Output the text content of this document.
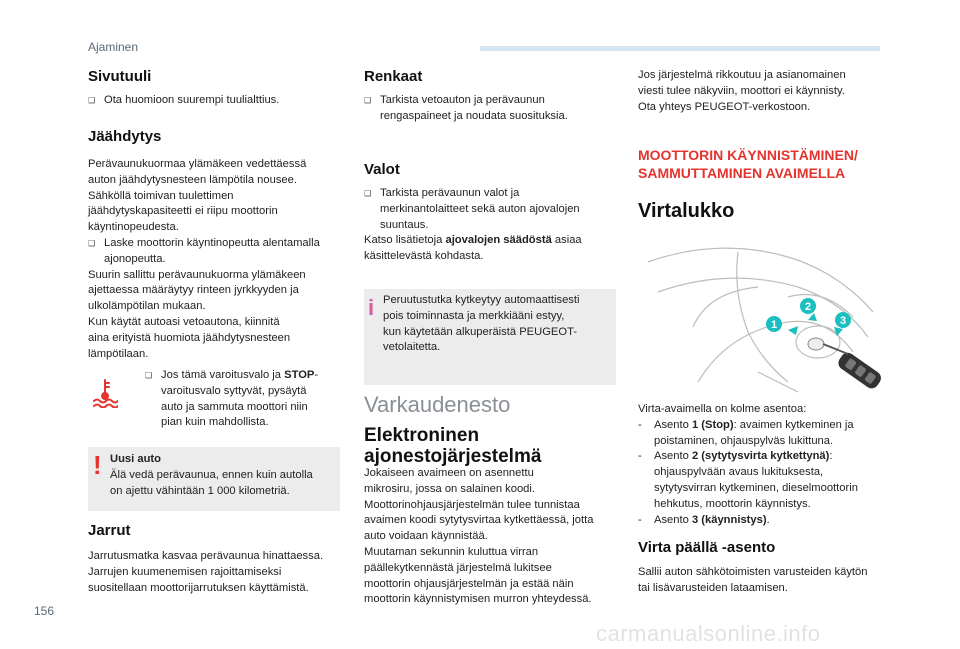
Ajaminen
Sivutuuli
❑ Ota huomioon suurempi tuulialttius.
Jäähdytys
Perävaunukuormaa ylämäkeen vedettäessä
auton jäähdytysnesteen lämpötila nousee.
Sähköllä toimivan tuulettimen
jäähdytyskapasiteetti ei riipu moottorin
käyntinopeudesta.
❑ Laske moottorin käyntinopeutta alentamalla
ajonopeutta.
Suurin sallittu perävaunukuorma ylämäkeen
ajettaessa määräytyy rinteen jyrkkyyden ja
ulkolämpötilan mukaan.
Kun käytät autoasi vetoautona, kiinnitä
aina erityistä huomiota jäähdytysnesteen
lämpötilaan.
❑ Jos tämä varoitusvalo ja STOP-
varoitusvalo syttyvät, pysäytä
auto ja sammuta moottori niin
pian kuin mahdollista.
! Uusi auto
Älä vedä perävaunua, ennen kuin autolla
on ajettu vähintään 1 000 kilometriä.
Jarrut
Jarrutusmatka kasvaa perävaunua hinattaessa.
Jarrujen kuumenemisen rajoittamiseksi
suositellaan moottorijarrutuksen käyttämistä.
Renkaat
❑ Tarkista vetoauton ja perävaunun
rengaspaineet ja noudata suosituksia.
Valot
❑ Tarkista perävaunun valot ja
merkinantolaitteet sekä auton ajovalojen
suuntaus.
Katso lisätietoja ajovalojen säädöstä asiaa
käsittelevästä kohdasta.
i Peruutustutka kytkeytyy automaattisesti
pois toiminnasta ja merkkiääni estyy,
kun käytetään alkuperäistä PEUGEOT-
vetolaitetta.
Varkaudenesto
Elektroninen
ajonestojärjestelmä
Jokaiseen avaimeen on asennettu
mikrosiru, jossa on salainen koodi.
Moottorinohjausjärjestelmän tulee tunnistaa
avaimen koodi sytytysvirtaa kytkettäessä, jotta
auto voidaan käynnistää.
Muutaman sekunnin kuluttua virran
päällekytkennästä järjestelmä lukitsee
moottorin ohjausjärjestelmän ja estää näin
moottorin käynnistymisen murron yhteydessä.
Jos järjestelmä rikkoutuu ja asianomainen
viesti tulee näkyviin, moottori ei käynnisty.
Ota yhteys PEUGEOT-verkostoon.
MOOTTORIN KÄYNNISTÄMINEN/
SAMMUTTAMINEN AVAIMELLA
Virtalukko
1
2
3
Virta-avaimella on kolme asentoa:
- Asento 1 (Stop): avaimen kytkeminen ja
poistaminen, ohjauspylväs lukittuna.
- Asento 2 (sytytysvirta kytkettynä):
ohjauspylvään avaus lukituksesta,
sytytysvirran kytkeminen, dieselmoottorin
hehkutus, moottorin käynnistys.
- Asento 3 (käynnistys).
Virta päällä -asento
Sallii auton sähkötoimisten varusteiden käytön
tai lisävarusteiden lataamisen.
156
carmanualsonline.info
